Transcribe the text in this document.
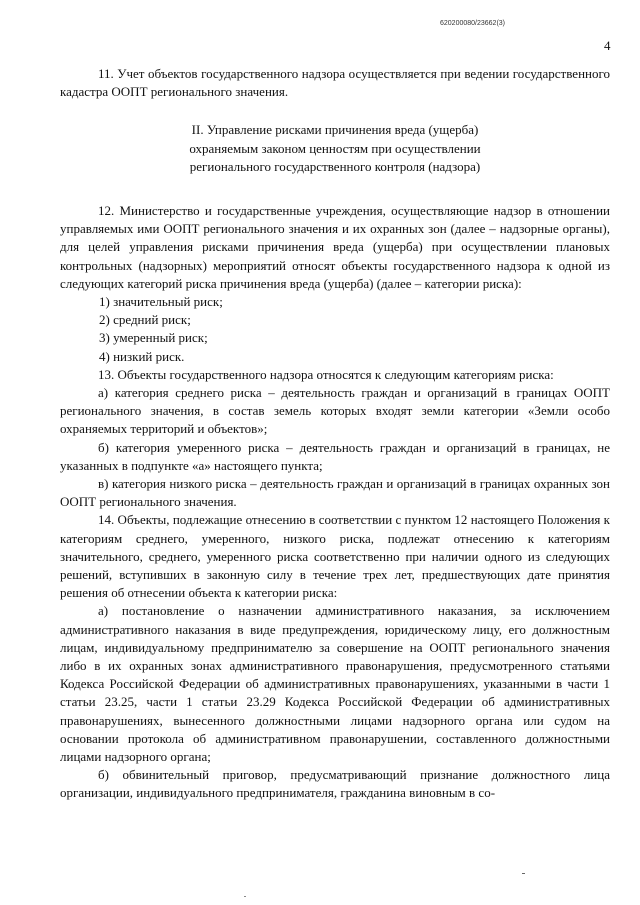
620200080/23662(3)
4

11. Учет объектов государственного надзора осуществляется при ведении государственного кадастра ООПТ регионального значения.

II. Управление рисками причинения вреда (ущерба)
охраняемым законом ценностям при осуществлении
регионального государственного контроля (надзора)

12. Министерство и государственные учреждения, осуществляющие надзор в отношении управляемых ими ООПТ регионального значения и их охранных зон (далее – надзорные органы), для целей управления рисками причинения вреда (ущерба) при осуществлении плановых контрольных (надзорных) мероприятий относят объекты государственного надзора к одной из следующих категорий риска причинения вреда (ущерба) (далее – категории риска):

1) значительный риск;

2) средний риск;

3) умеренный риск;

4) низкий риск.

13. Объекты государственного надзора относятся к следующим категориям риска:

а) категория среднего риска – деятельность граждан и организаций в границах ООПТ регионального значения, в состав земель которых входят земли категории «Земли особо охраняемых территорий и объектов»;

б) категория умеренного риска – деятельность граждан и организаций в границах, не указанных в подпункте «а» настоящего пункта;

в) категория низкого риска – деятельность граждан и организаций в границах охранных зон ООПТ регионального значения.

14. Объекты, подлежащие отнесению в соответствии с пунктом 12 настоящего Положения к категориям среднего, умеренного, низкого риска, подлежат отнесению к категориям значительного, среднего, умеренного риска соответственно при наличии одного из следующих решений, вступивших в законную силу в течение трех лет, предшествующих дате принятия решения об отнесении объекта к категории риска:

а) постановление о назначении административного наказания, за исключением административного наказания в виде предупреждения, юридическому лицу, его должностным лицам, индивидуальному предпринимателю за совершение на ООПТ регионального значения либо в их охранных зонах административного правонарушения, предусмотренного статьями Кодекса Российской Федерации об административных правонарушениях, указанными в части 1 статьи 23.25, части 1 статьи 23.29 Кодекса Российской Федерации об административных правонарушениях, вынесенного должностными лицами надзорного органа или судом на основании протокола об административном правонарушении, составленного должностными лицами надзорного органа;

б) обвинительный приговор, предусматривающий признание должностного лица организации, индивидуального предпринимателя, гражданина виновным в со-
